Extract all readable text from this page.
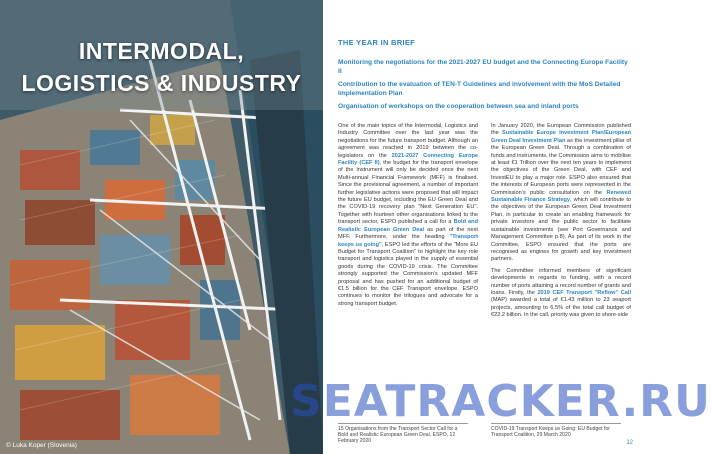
INTERMODAL,
LOGISTICS & INDUSTRY
© Luka Koper (Slovenia)
THE YEAR IN BRIEF
Monitoring the negotiations for the 2021-2027 EU budget and the Connecting Europe Facility II
Contribution to the evaluation of TEN-T Guidelines and involvement with the MoS Detailed Implementation Plan
Organisation of workshops on the cooperation between sea and inland ports

One of the main topics of the Intermodal, Logistics and Industry Committee over the last year was the negotiations for the future transport budget. Although an agreement was reached in 2019 between the co-legislators on the 2021-2027 Connecting Europe Facility (CEF II), the budget for the transport envelope of the instrument will only be decided once the next Multi-annual Financial Framework (MFF) is finalised. Since the provisional agreement, a number of important further legislative actions were proposed that will impact the future EU budget, including the EU Green Deal and the COVID-19 recovery plan "Next Generation EU". Together with fourteen other organisations linked to the transport sector, ESPO published a call for a Bold and Realistic European Green Deal as part of the next MFF. Furthermore, under the heading "Transport keeps us going", ESPO led the efforts of the "More EU Budget for Transport Coalition" to highlight the key role transport and logistics played in the supply of essential goods during the COVID-19 crisis. The Committee strongly supported the Commission's updated MFF proposal and has pushed for an additional budget of €1.5 billion for the CEF Transport envelope. ESPO continues to monitor the trilogues and advocate for a strong transport budget.

In January 2020, the European Commission published the Sustainable Europe Investment Plan/European Green Deal Investment Plan as the investment pillar of the European Green Deal. Through a combination of funds and instruments, the Commission aims to mobilise at least €1 Trillion over the next ten years to implement the objectives of the Green Deal, with CEF and InvestEU to play a major role. ESPO also ensured that the interests of European ports were represented in the Commission's public consultation on the Renewed Sustainable Finance Strategy, which will contribute to the objectives of the European Green Deal Investment Plan, in particular to create an enabling framework for private investors and the public sector to facilitate sustainable investments (see Port Governance and Management Committee p.8). As part of its work in the Committee, ESPO ensured that the ports are recognised as engines for growth and key investment partners.

The Committee informed members of significant developments in regards to funding, with a record number of ports attaining a record number of grants and loans. Firstly, the 2019 CEF Transport "Reflow" Call (MAP) awarded a total of €1.43 million to 23 seaport projects, amounting to 6.5% of the total call budget of €22.2 billion. In the call, priority was given to shore-side

15 Organisations from the Transport Sector Call for a Bold and Realistic European Green Deal, ESPO, 12 February 2020
COVID-19 Transport Keeps us Going: EU Budget for Transport Coalition, 29 March 2020
12
SEATRACKER.RU
